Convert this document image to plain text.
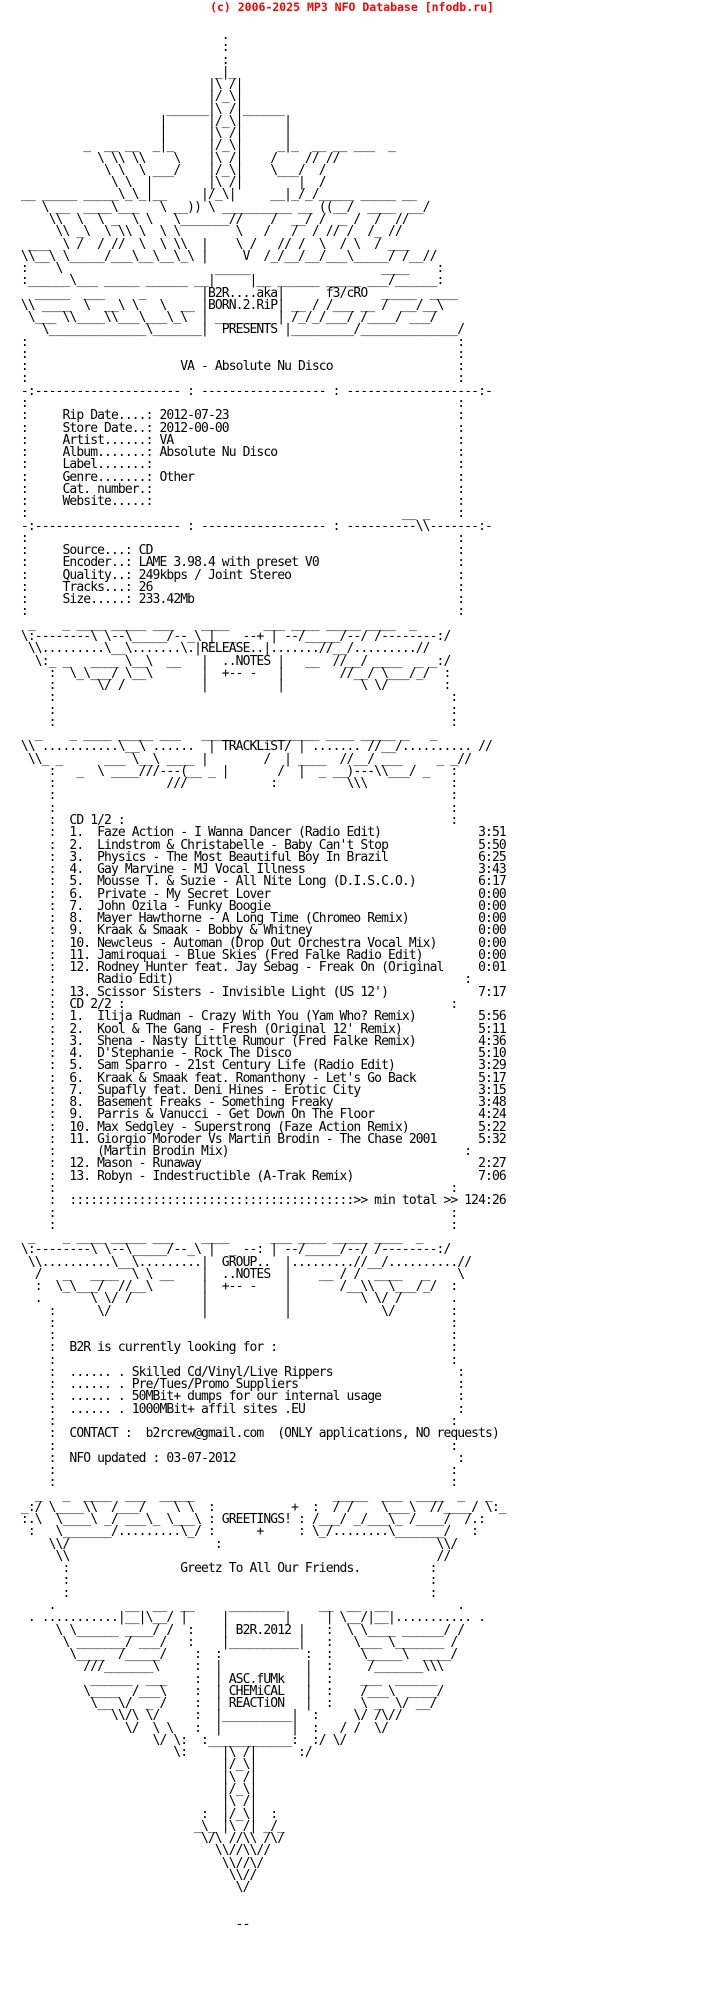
(c) 2006-2025 MP3 NFO Database [nfodb.ru]
.
:
:
_|_
|\ /|
|/_\|
______|\ /|______
|      |/_\|      |
|      |\ /|      |
_  __ __  _|_     |/_\|     _|_  __ __ ___  _
\ \\ \\    \    |\ /|    /    // //
\ \  \ ___/    |/_\|    \___/  /
\ \  |        |\ /|        |  /
__ _____ _____\_\_|__     |/_\|     __|_/_/_____ _____ __
\ __  ____\___   \ __)) \ __________ __ ((__/  ____  __/
\\  \  \ _  \ \   \_______//    /  __/ /  _ /  /  //
\\ _\  \ \\ \  \ \        \   /   /  / // /  /_ //
___  \ /  / //  \  \ \\  |    \ /   // /  \  / \  / ___
\\__\ \_____/___\__\__\_\ |     V  /_/__/__/___\_____/ /__//
:    \                      _____                   ____    :
:______\___ _____ ______ __|     |__ ______ _____ ___/______:
_____  ___     _        |B2R....aka|      f3/cRO  _____  ____
\\ ____  \  __\ \   \  __ |BORN.2.RiP| __ / /___ __ /  __/__\
\___ \\____\\___\___\_\  | ________ | /_/_/___/ /____/ ___/
\______________\_______|  PRESENTS |_________/______________/
:                                                              :
:                                                              :
:                      VA - Absolute Nu Disco                  :
:                                                              :
-:--------------------- : ------------------ : -------------------:-
:                                                              :
:     Rip Date....: 2012-07-23                                 :
:     Store Date..: 2012-00-00                                 :
:     Artist......: VA                                         :
:     Album.......: Absolute Nu Disco                          :
:     Label.......:                                            :
:     Genre.......: Other                                      :
:     Cat. number.:                                            :
:     Website.....:                                            :
:                                                      __ _    :
-:--------------------- : ------------------ : ----------\\-------:-
:                                                              :
:     Source...: CD                                            :
:     Encoder..: LAME 3.98.4 with preset V0                    :
:     Quality..: 249kbps / Joint Stereo                        :
:     Tracks...: 26                                            :
:     Size.....: 233.42Mb                                      :
:                                                              :
_    _ ____ _____ ___    ____     ___ ____ _____ ____  _
\:--------\ \--\_____/--_\ |  _ --+ | --/_____/--/ /--------:/
\\.........\__\.......\.|RELEASE..|.......//__/.........//
\:_ _   ____ \__\  __   |  ..NOTES |   __  //__/ ____  _ _:/
:  \_\___/ \__\       |  +-- -   |        //__/ \___/_/  :
:      \/ /           |          |           \ \/        :
:                                                         :
:                                                         :
:                                                         :
_    _ ____ _____ ___   _____   ___ _____ ____ _____ _   _
\\ ...........\__\ ......  | TRACKLiST/ | ....... //__/.......... //
\\_ _      ___ \__\ ____ |        /  | ____  //__/ ___     _ _//
:   _  \ ____///---(__ _ |       /  |  _ __)---\\___/ _   :
:                ///            :          \\\            :
:                                                         :
:                                                         :
:  CD 1/2 :                                               :
:  1.  Faze Action - I Wanna Dancer (Radio Edit)              3:51
:  2.  Lindstrom & Christabelle - Baby Can't Stop             5:50
:  3.  Physics - The Most Beautiful Boy In Brazil             6:25
:  4.  Gay Marvine - MJ Vocal Illness                         3:43
:  5.  Mousse T. & Suzie - All Nite Long (D.I.S.C.O.)         6:17
:  6.  Private - My Secret Lover                              0:00
:  7.  John Ozila - Funky Boogie                              0:00
:  8.  Mayer Hawthorne - A Long Time (Chromeo Remix)          0:00
:  9.  Kraak & Smaak - Bobby & Whitney                        0:00
:  10. Newcleus - Automan (Drop Out Orchestra Vocal Mix)      0:00
:  11. Jamiroquai - Blue Skies (Fred Falke Radio Edit)        0:00
:  12. Rodney Hunter feat. Jay Sebag - Freak On (Original     0:01
:      Radio Edit)                                          :
:  13. Scissor Sisters - Invisible Light (US 12')             7:17
:  CD 2/2 :                                               :
:  1.  Ilija Rudman - Crazy With You (Yam Who? Remix)         5:56
:  2.  Kool & The Gang - Fresh (Original 12' Remix)           5:11
:  3.  Shena - Nasty Little Rumour (Fred Falke Remix)         4:36
:  4.  D'Stephanie - Rock The Disco                           5:10
:  5.  Sam Sparro - 21st Century Life (Radio Edit)            3:29
:  6.  Kraak & Smaak feat. Romanthony - Let's Go Back         5:17
:  7.  Supafly feat. Deni Hines - Erotic City                 3:15
:  8.  Basement Freaks - Something Freaky                     3:48
:  9.  Parris & Vanucci - Get Down On The Floor               4:24
:  10. Max Sedgley - Superstrong (Faze Action Remix)          5:22
:  11. Giorgio Moroder Vs Martin Brodin - The Chase 2001      5:32
:      (Martin Brodin Mix)                                  :
:  12. Mason - Runaway                                        2:27
:  13. Robyn - Indestructible (A-Trak Remix)                  7:06
:                                                         :
:  :::::::::::::::::::::::::::::::::::::::::>> min total >> 124:26
:                                                         :
:                                                         :
_    _ ____ _____ ___    ____      ___ ____ _____ ____  _
\:--------\ \--\_____/--_\ |  _ --: | --/_____/--/ /--------:/
\\..........\__\.........|  GROUP..  |.........//__/..........//
/   _   ____  \ \ __    |  ..NOTES  |    __ / /  ____   _    \
:  \_\___/  //__\       |  +-- -    |       /__\\  \___/_/  :
.       \ \/ /          |           |          \ \/ /       .
:      \/             |           |             \/        :
:                                                         :
:                                                         :
:  B2R is currently looking for :                         :
:                                                         :
:  ...... . Skilled Cd/Vinyl/Live Rippers                  :
:  ...... . Pre/Tues/Promo Suppliers                       :
:  ...... . 50MBit+ dumps for our internal usage           :
:  ...... . 1000MBit+ affil sites .EU                      :
:                                                         :
:  CONTACT :  b2rcrew@gmail.com  (ONLY applications, NO requests)
:                                                         :
:  NFO updated : 03-07-2012                                :
:                                                         :
:                                                         :
_   _  ____  ___  _____                    _____  ___  ____  _   _
_:/ \____\\  /___/    \ \  :           +  :  / /    \___\  //____/ \:_
:.\  \____\ _/ ___\_ \___\ : GREETINGS! : /___/ _/___\_ /____/  /.:
:   \_______/.........\_/ :      +     : \_/........\_______/   :
\\/                     :                               \\/
\\                                                     //
:                Greetz To All Our Friends.          :
:                                                    :
:                                                    :
.          __  __  __     ________     __  __  __          .
. ...........|__|\__/ |     |        |     | \__/|__|........... .
\ \______ ____/ /  :    | B2R.2012 |   :  \ \____ ______/ /
\ _______/ ___/   :    |__________|   :   \___ \_______ /
\____  /_____/    :  :            :  :    \_____\  ____/
///_______\     :  |            |  :     /_______\\\
______  ___    :  | ASC.fUMk   |  :    ___  ______
\____  /___\    :  | CHEMiCAL   |  :    /___\  ____/
\__ \/  _ /    :  | REACTiON   |  :    \ _  \/ __/
\\/\ \/     :  |__________|  :     \/ /\//
\/  \ \   :  |          |  :   / /  \/
\/ \:  :____________:  :/ \/
\:     |\ /|      :/
|/_\|
|\ /|
|/_\|
|\ /|
:  |/_\|  :
_\_ |\ /| _/_
\/\ //\\ /\/
\\//\\//
\\//\/
\\//
\/

--
